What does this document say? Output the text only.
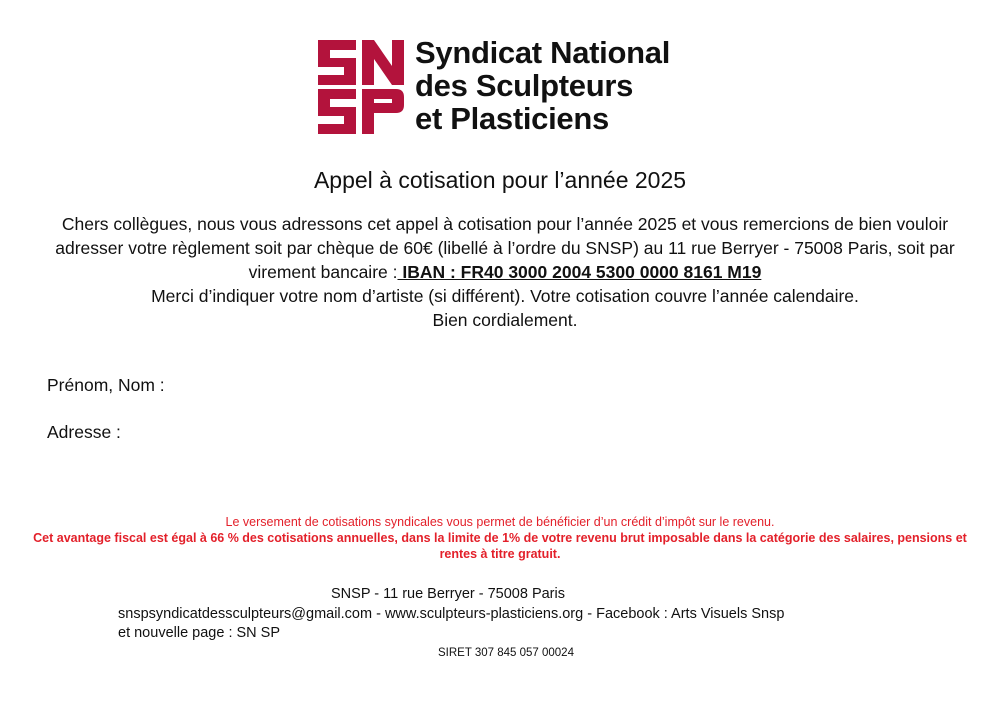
Syndicat National
des Sculpteurs
et Plasticiens
Appel à cotisation pour l’année 2025

Chers collègues, nous vous adressons cet appel à cotisation pour l’année 2025 et vous remercions de bien vouloir adresser votre règlement soit par chèque de 60€ (libellé à l’ordre du SNSP) au 11 rue Berryer - 75008 Paris, soit par virement bancaire : IBAN : FR40 3000 2004 5300 0000 8161 M19

Merci d’indiquer votre nom d’artiste (si différent). Votre cotisation couvre l’année calendaire.

Bien cordialement.

Prénom, Nom :
Adresse :

Le versement de cotisations syndicales vous permet de bénéficier d’un crédit d’impôt sur le revenu.

Cet avantage fiscal est égal à 66 % des cotisations annuelles, dans la limite de 1% de votre revenu brut imposable dans la catégorie des salaires, pensions et rentes à titre gratuit.

SNSP - 11 rue Berryer - 75008 Paris

snspsyndicatdessculpteurs@gmail.com - www.sculpteurs-plasticiens.org - Facebook : Arts Visuels Snsp

et nouvelle page : SN SP

SIRET 307 845 057 00024
